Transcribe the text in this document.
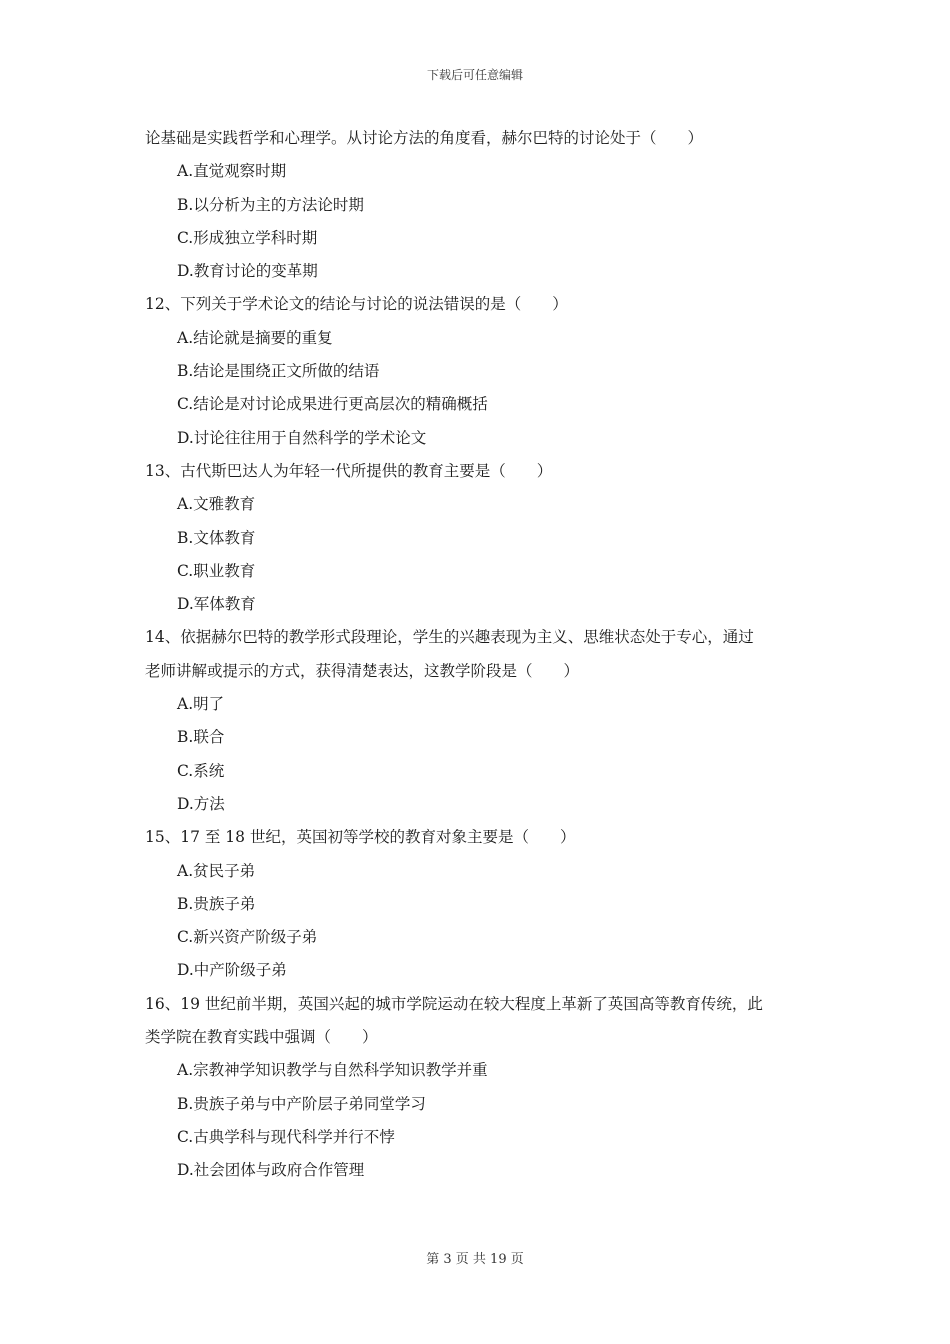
下载后可任意编辑
论基础是实践哲学和心理学。从讨论方法的角度看，赫尔巴特的讨论处于（　　）
A.直觉观察时期
B.以分析为主的方法论时期
C.形成独立学科时期
D.教育讨论的变革期
12、下列关于学术论文的结论与讨论的说法错误的是（　　）
A.结论就是摘要的重复
B.结论是围绕正文所做的结语
C.结论是对讨论成果进行更高层次的精确概括
D.讨论往往用于自然科学的学术论文
13、古代斯巴达人为年轻一代所提供的教育主要是（　　）
A.文雅教育
B.文体教育
C.职业教育
D.军体教育
14、依据赫尔巴特的教学形式段理论，学生的兴趣表现为主义、思维状态处于专心，通过
老师讲解或提示的方式，获得清楚表达，这教学阶段是（　　）
A.明了
B.联合
C.系统
D.方法
15、17 至 18 世纪，英国初等学校的教育对象主要是（　　）
A.贫民子弟
B.贵族子弟
C.新兴资产阶级子弟
D.中产阶级子弟
16、19 世纪前半期，英国兴起的城市学院运动在较大程度上革新了英国高等教育传统，此
类学院在教育实践中强调（　　）
A.宗教神学知识教学与自然科学知识教学并重
B.贵族子弟与中产阶层子弟同堂学习
C.古典学科与现代科学并行不悖
D.社会团体与政府合作管理
第 3 页 共 19 页
